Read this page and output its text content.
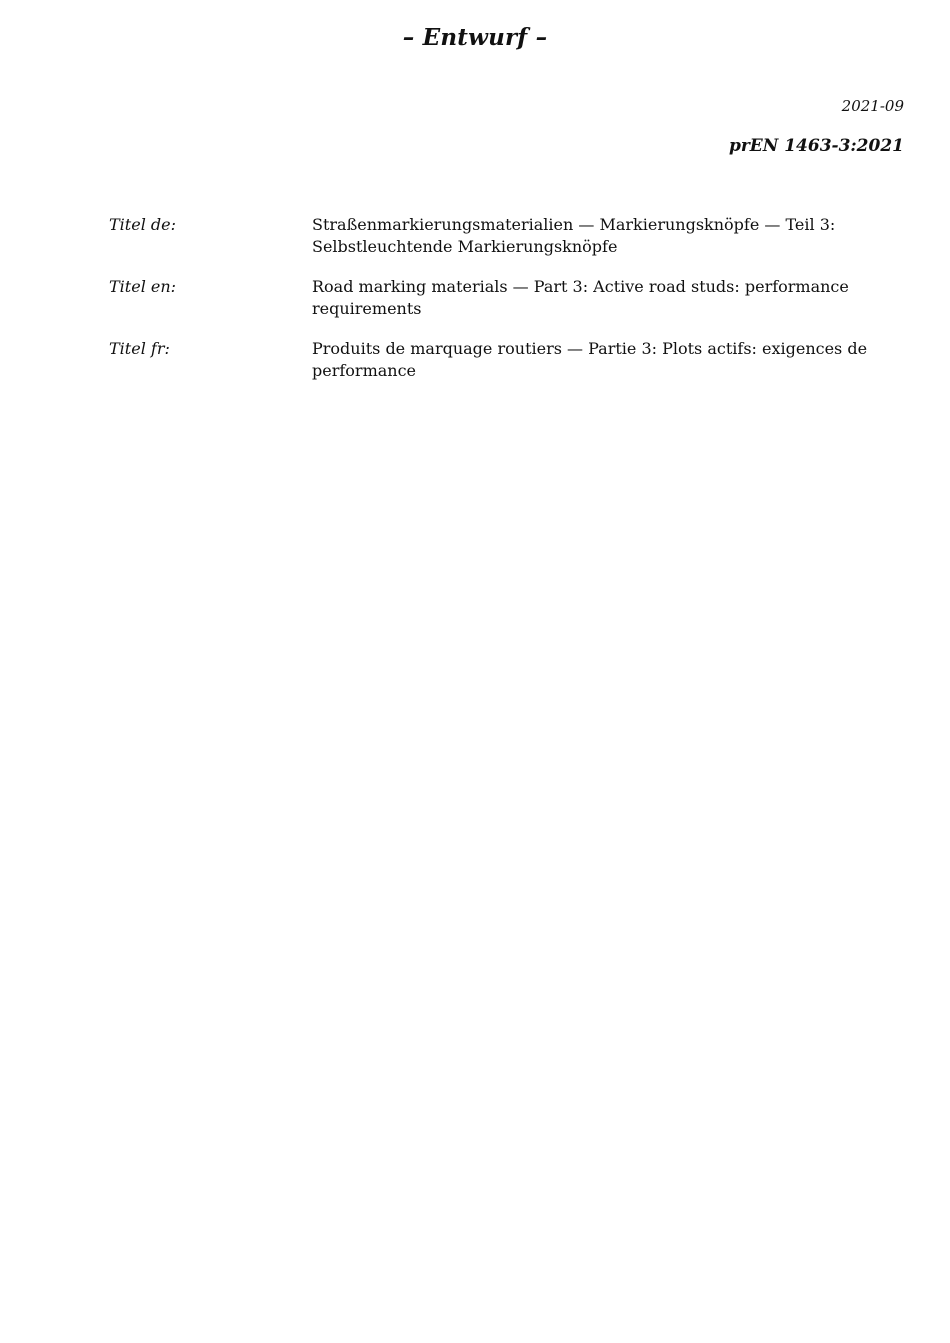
– Entwurf –
2021-09
prEN 1463-3:2021
Titel de:	Straßenmarkierungsmaterialien — Markierungsknöpfe — Teil 3: Selbstleuchtende Markierungsknöpfe
Titel en:	Road marking materials — Part 3: Active road studs: performance requirements
Titel fr:	Produits de marquage routiers — Partie 3: Plots actifs: exigences de performance
